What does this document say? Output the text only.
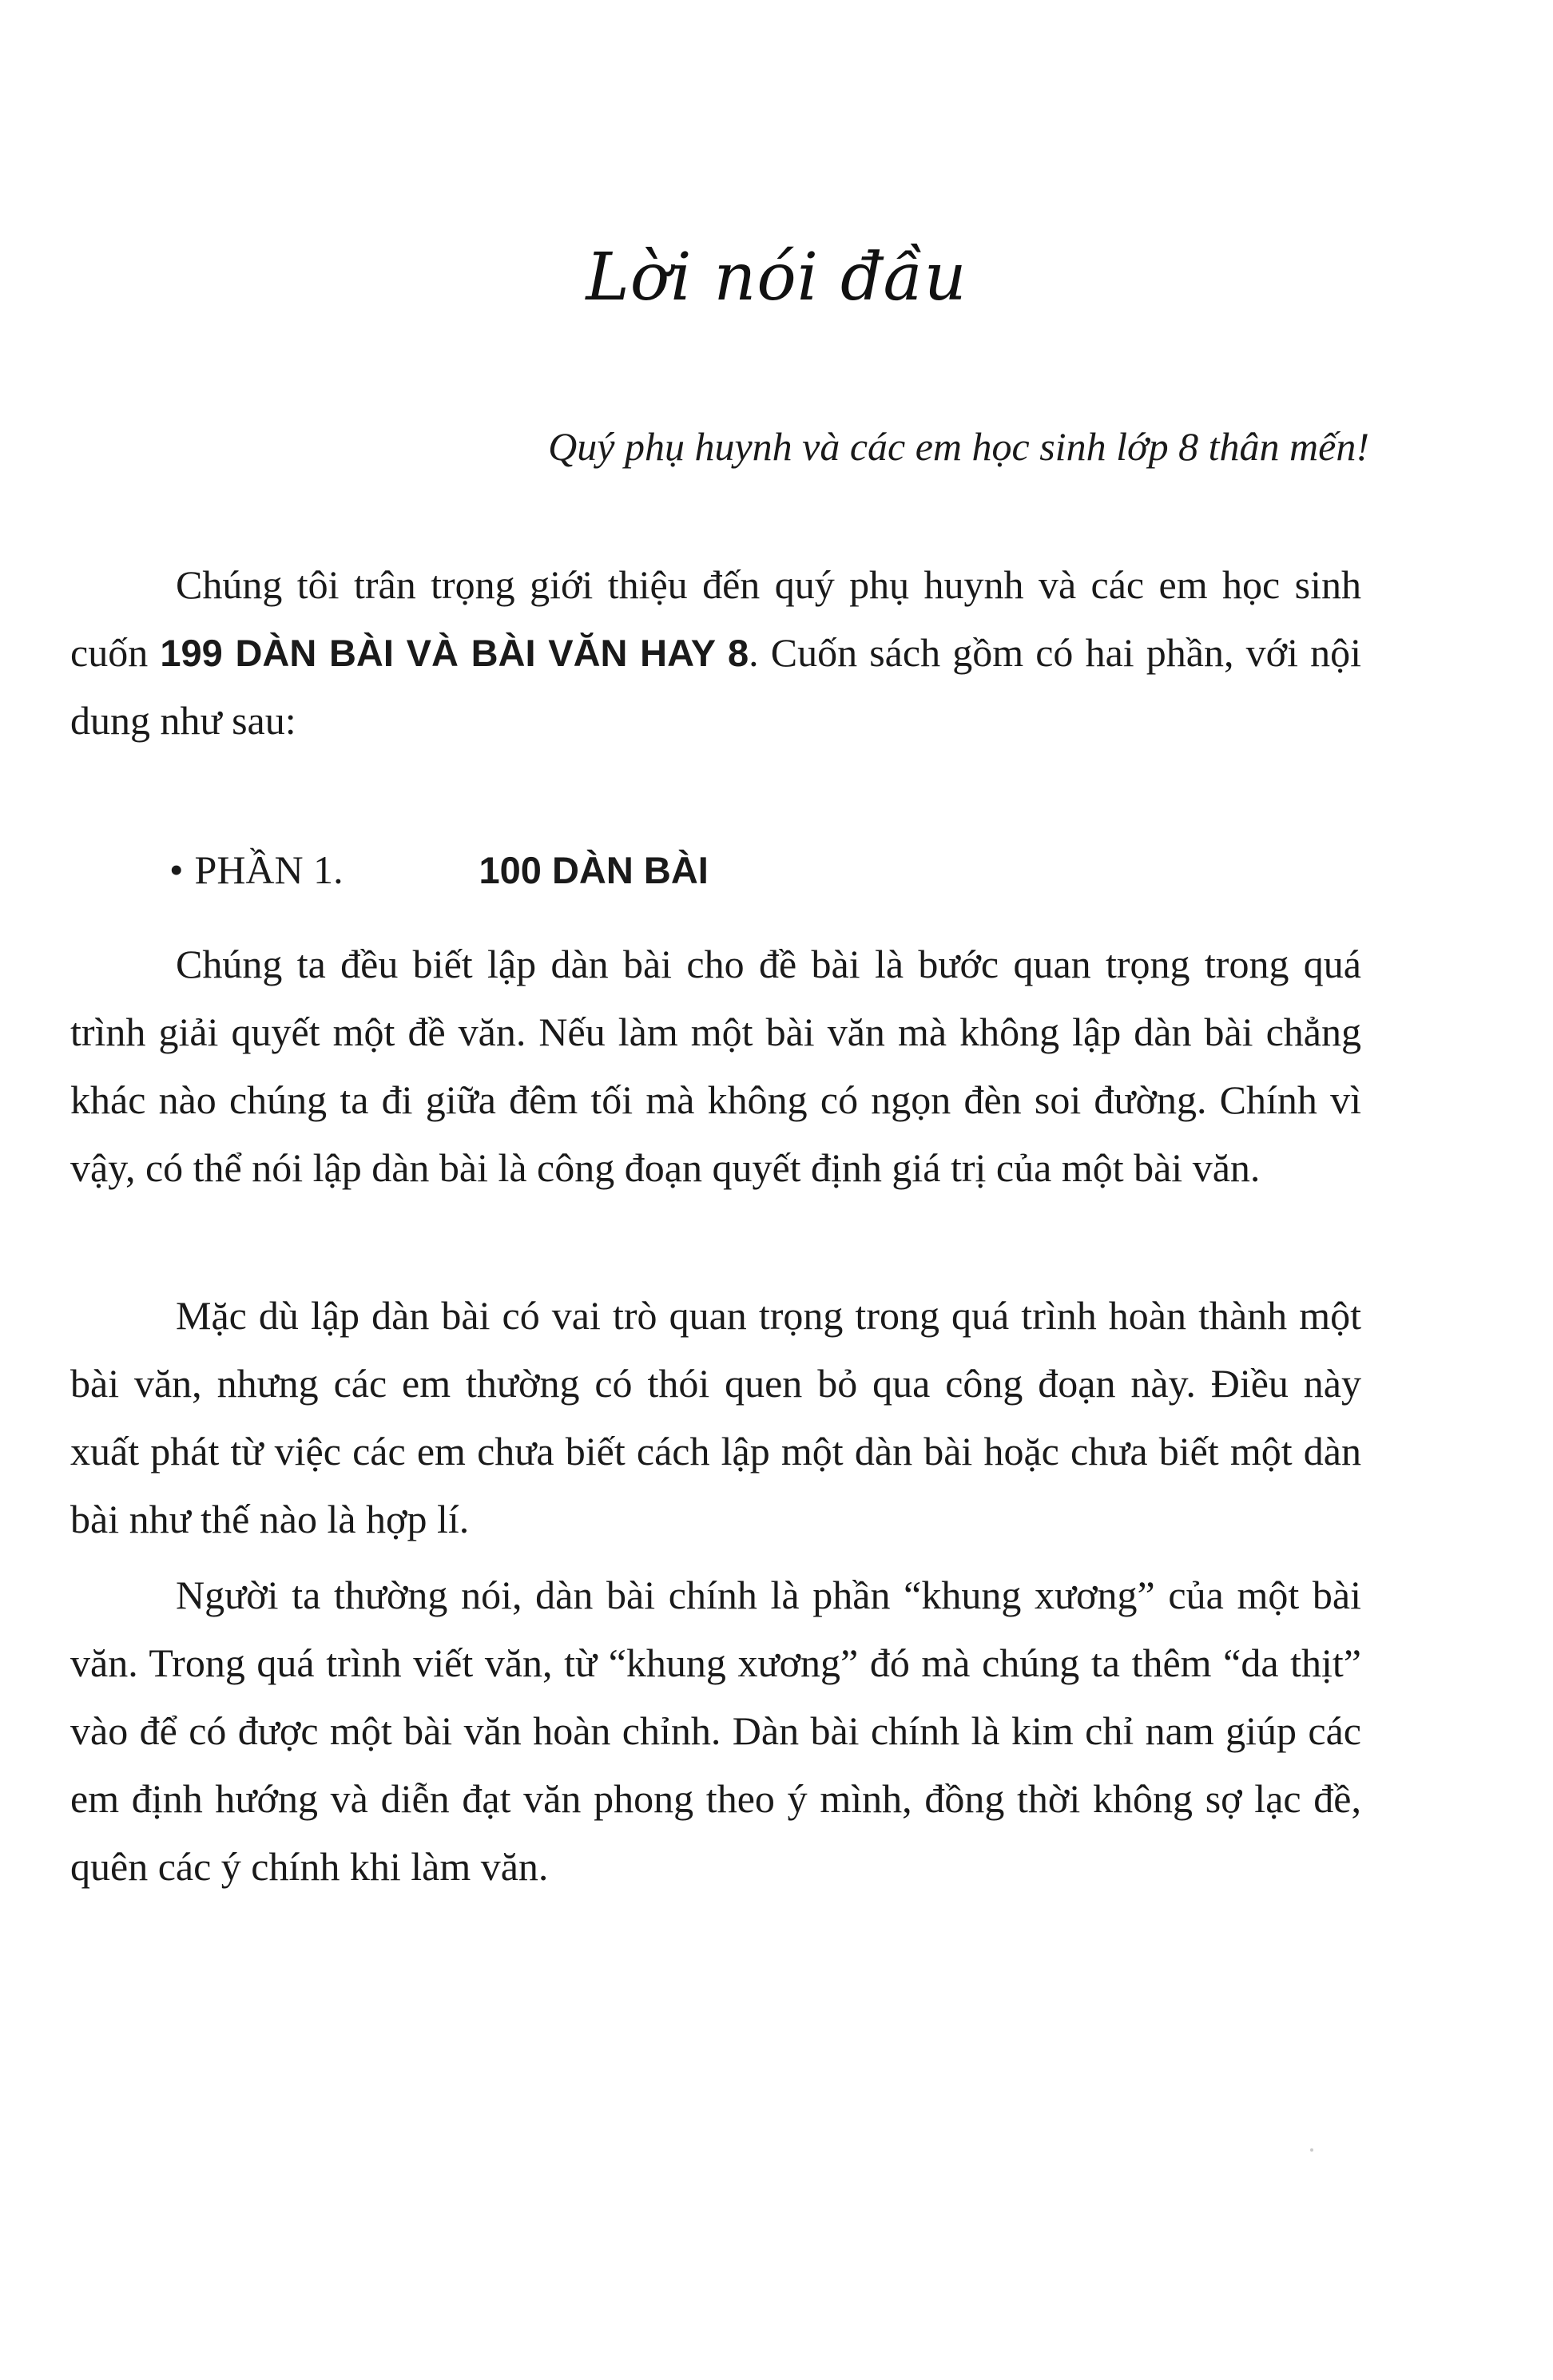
Lời nói đầu
Quý phụ huynh và các em học sinh lớp 8 thân mến!

Chúng tôi trân trọng giới thiệu đến quý phụ huynh và các em học sinh cuốn 199 DÀN BÀI VÀ BÀI VĂN HAY 8. Cuốn sách gồm có hai phần, với nội dung như sau:

• PHẦN 1.	100 DÀN BÀI

Chúng ta đều biết lập dàn bài cho đề bài là bước quan trọng trong quá trình giải quyết một đề văn. Nếu làm một bài văn mà không lập dàn bài chẳng khác nào chúng ta đi giữa đêm tối mà không có ngọn đèn soi đường. Chính vì vậy, có thể nói lập dàn bài là công đoạn quyết định giá trị của một bài văn.

Mặc dù lập dàn bài có vai trò quan trọng trong quá trình hoàn thành một bài văn, nhưng các em thường có thói quen bỏ qua công đoạn này. Điều này xuất phát từ việc các em chưa biết cách lập một dàn bài hoặc chưa biết một dàn bài như thế nào là hợp lí.

Người ta thường nói, dàn bài chính là phần “khung xương” của một bài văn. Trong quá trình viết văn, từ “khung xương” đó mà chúng ta thêm “da thịt” vào để có được một bài văn hoàn chỉnh. Dàn bài chính là kim chỉ nam giúp các em định hướng và diễn đạt văn phong theo ý mình, đồng thời không sợ lạc đề, quên các ý chính khi làm văn.
